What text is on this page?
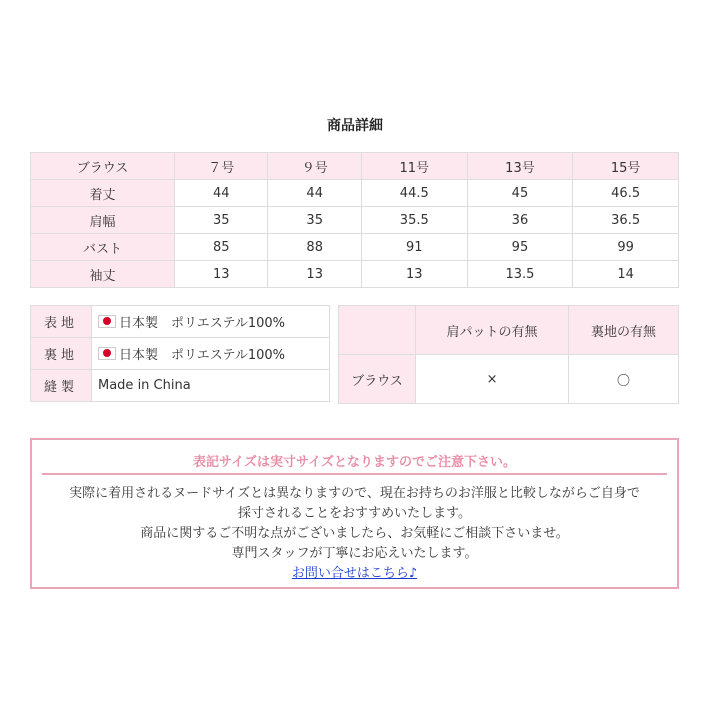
商品詳細
ブラウス	７号	９号	11号	13号	15号
着丈	44	44	44.5	45	46.5
肩幅	35	35	35.5	36	36.5
バスト	85	88	91	95	99
袖丈	13	13	13	13.5	14
表地	日本製　ポリエステル100%
裏地	日本製　ポリエステル100%
縫製	Made in China
	肩パットの有無	裏地の有無
ブラウス	×	〇
表記サイズは実寸サイズとなりますのでご注意下さい。
実際に着用されるヌードサイズとは異なりますので、現在お持ちのお洋服と比較しながらご自身で
採寸されることをおすすめいたします。
商品に関するご不明な点がございましたら、お気軽にご相談下さいませ。
専門スタッフが丁寧にお応えいたします。
お問い合せはこちら♪
